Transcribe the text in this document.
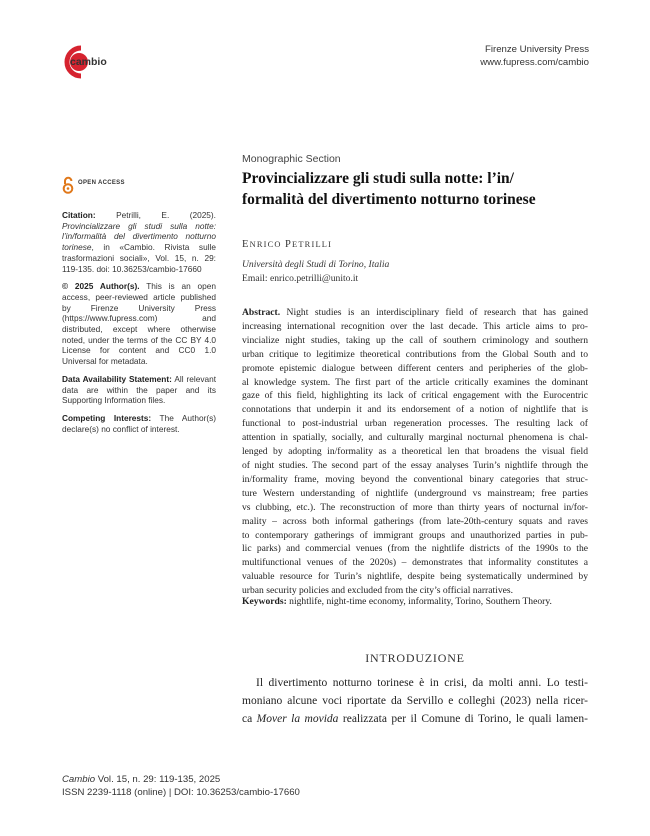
cambio
Firenze University Press
www.fupress.com/cambio
OPEN ACCESS

Citation: Petrilli, E. (2025). Provincializzare gli studi sulla notte: l’in/formalità del divertimento notturno torinese, in «Cambio. Rivista sulle trasformazioni sociali», Vol. 15, n. 29: 119-135. doi: 10.36253/cambio-17660

© 2025 Author(s). This is an open access, peer-reviewed article published by Firenze University Press (https://www.fupress.com) and distributed, except where otherwise noted, under the terms of the CC BY 4.0 License for content and CC0 1.0 Universal for metadata.

Data Availability Statement: All relevant data are within the paper and its Supporting Information files.

Competing Interests: The Author(s) declare(s) no conflict of interest.

Monographic Section
Provincializzare gli studi sulla notte: l’in/
formalità del divertimento notturno torinese
ENRICO PETRILLI
Università degli Studi di Torino, Italia
Email: enrico.petrilli@unito.it
Abstract. Night studies is an interdisciplinary field of research that has gained
increasing international recognition over the last decade. This article aims to pro-
vincialize night studies, taking up the call of southern criminology and southern
urban critique to legitimize theoretical contributions from the Global South and to
promote epistemic dialogue between different centers and peripheries of the glob-
al knowledge system. The first part of the article critically examines the dominant
gaze of this field, highlighting its lack of critical engagement with the Eurocentric
connotations that underpin it and its endorsement of a notion of nightlife that is
functional to post-industrial urban regeneration processes. The resulting lack of
attention in spatially, socially, and culturally marginal nocturnal phenomena is chal-
lenged by adopting in/formality as a theoretical len that broadens the visual field
of night studies. The second part of the essay analyses Turin’s nightlife through the
in/formality frame, moving beyond the conventional binary categories that struc-
ture Western understanding of nightlife (underground vs mainstream; free parties
vs clubbing, etc.). The reconstruction of more than thirty years of nocturnal in/for-
mality – across both informal gatherings (from late-20th-century squats and raves
to contemporary gatherings of immigrant groups and unauthorized parties in pub-
lic parks) and commercial venues (from the nightlife districts of the 1990s to the
multifunctional venues of the 2020s) – demonstrates that informality constitutes a
valuable resource for Turin’s nightlife, despite being systematically undermined by
urban security policies and excluded from the city’s official narratives.
Keywords: nightlife, night-time economy, informality, Torino, Southern Theory.
INTRODUZIONE
Il divertimento notturno torinese è in crisi, da molti anni. Lo testi-
moniano alcune voci riportate da Servillo e colleghi (2023) nella ricer-
ca Mover la movida realizzata per il Comune di Torino, le quali lamen-
Cambio Vol. 15, n. 29: 119-135, 2025
ISSN 2239-1118 (online) | DOI: 10.36253/cambio-17660
